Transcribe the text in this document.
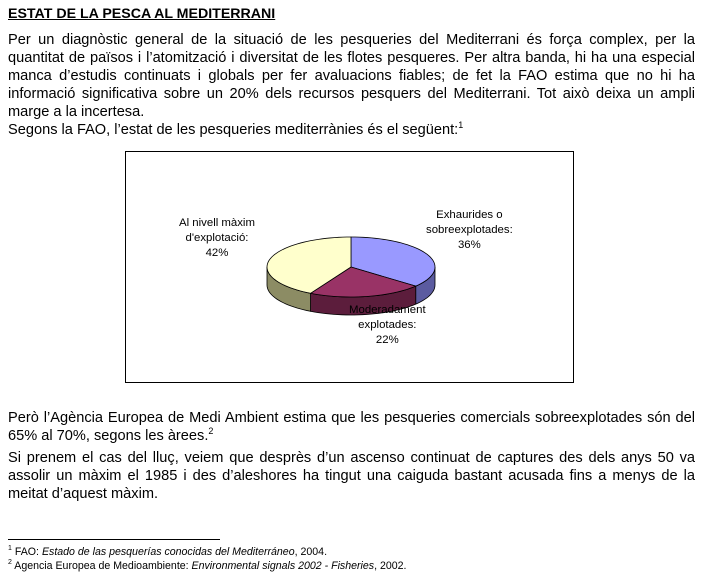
ESTAT DE LA PESCA AL MEDITERRANI

Per un diagnòstic general de la situació de les pesqueries del Mediterrani és força complex, per la quantitat de països i l’atomització i diversitat de les flotes pesqueres. Per altra banda, hi ha una especial manca d’estudis continuats i globals per fer avaluacions fiables; de fet la FAO estima que no hi ha informació significativa sobre un 20% dels recursos pesquers del Mediterrani. Tot això deixa un ampli marge a la incertesa.

Segons la FAO, l’estat de les pesqueries mediterrànies és el següent:$^1$

Exhaurides o
sobreexplotades:
36%
Moderadament
explotades:
22%
Al nivell màxim
d'explotació:
42%

Però l’Agència Europea de Medi Ambient estima que les pesqueries comercials sobreexplotades són del 65% al 70%, segons les àrees.$^2$

Si prenem el cas del lluç, veiem que desprès d’un ascenso continuat de captures des dels anys 50 va assolir un màxim el 1985 i des d’aleshores ha tingut una caiguda bastant acusada fins a menys de la meitat d’aquest màxim.

$^1$ FAO: Estado de las pesquerías conocidas del Mediterráneo, 2004.
$^2$ Agencia Europea de Medioambiente: Environmental signals 2002 - Fisheries, 2002.
